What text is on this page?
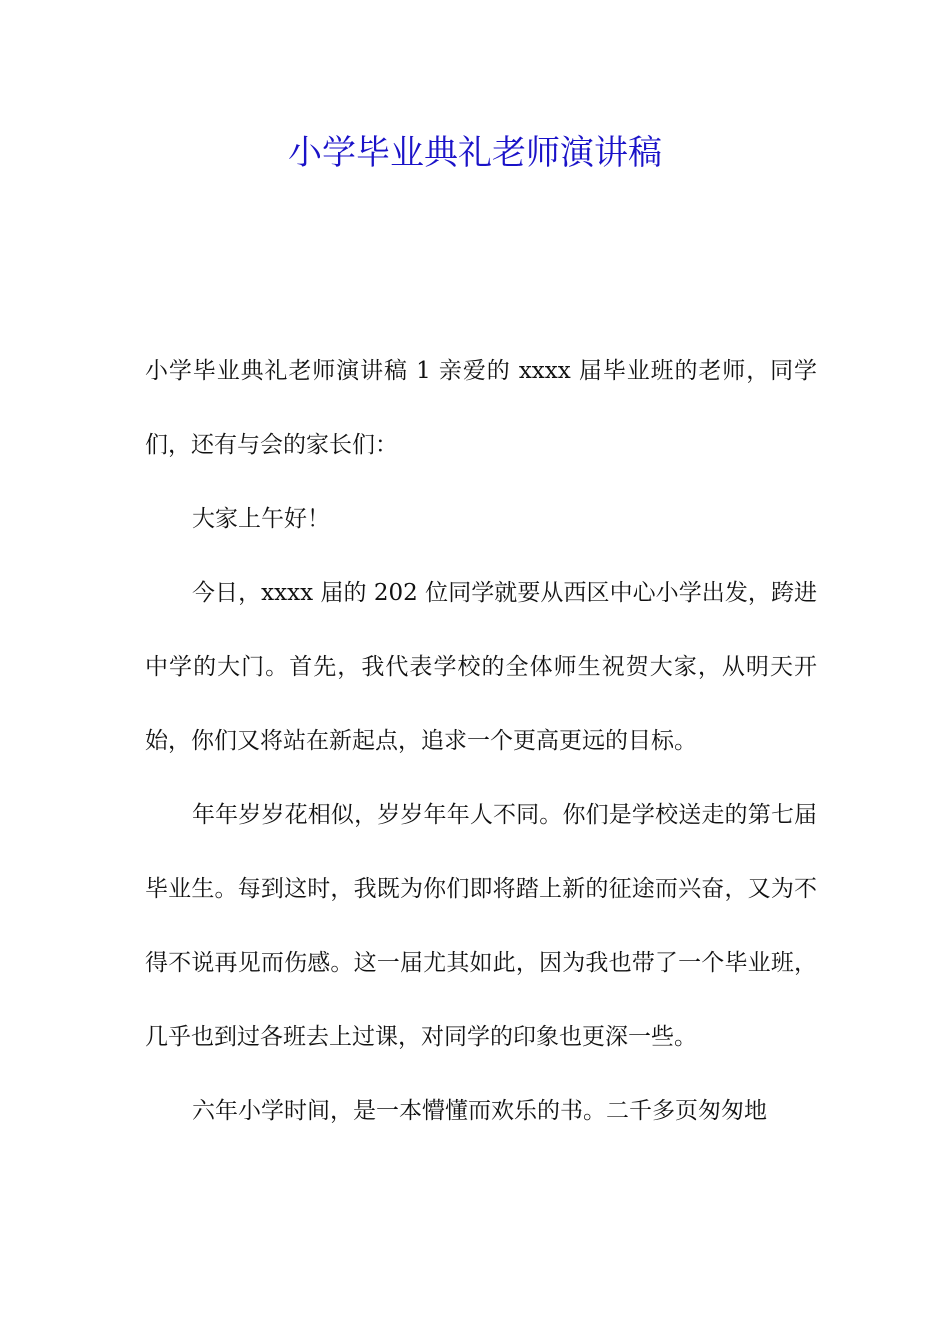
小学毕业典礼老师演讲稿

小学毕业典礼老师演讲稿 1 亲爱的 xxxx 届毕业班的老师，同学们，还有与会的家长们：

大家上午好！

今日，xxxx 届的 202 位同学就要从西区中心小学出发，跨进中学的大门。首先，我代表学校的全体师生祝贺大家，从明天开始，你们又将站在新起点，追求一个更高更远的目标。

年年岁岁花相似，岁岁年年人不同。你们是学校送走的第七届毕业生。每到这时，我既为你们即将踏上新的征途而兴奋，又为不得不说再见而伤感。这一届尤其如此，因为我也带了一个毕业班，几乎也到过各班去上过课，对同学的印象也更深一些。

六年小学时间，是一本懵懂而欢乐的书。二千多页匆匆地
